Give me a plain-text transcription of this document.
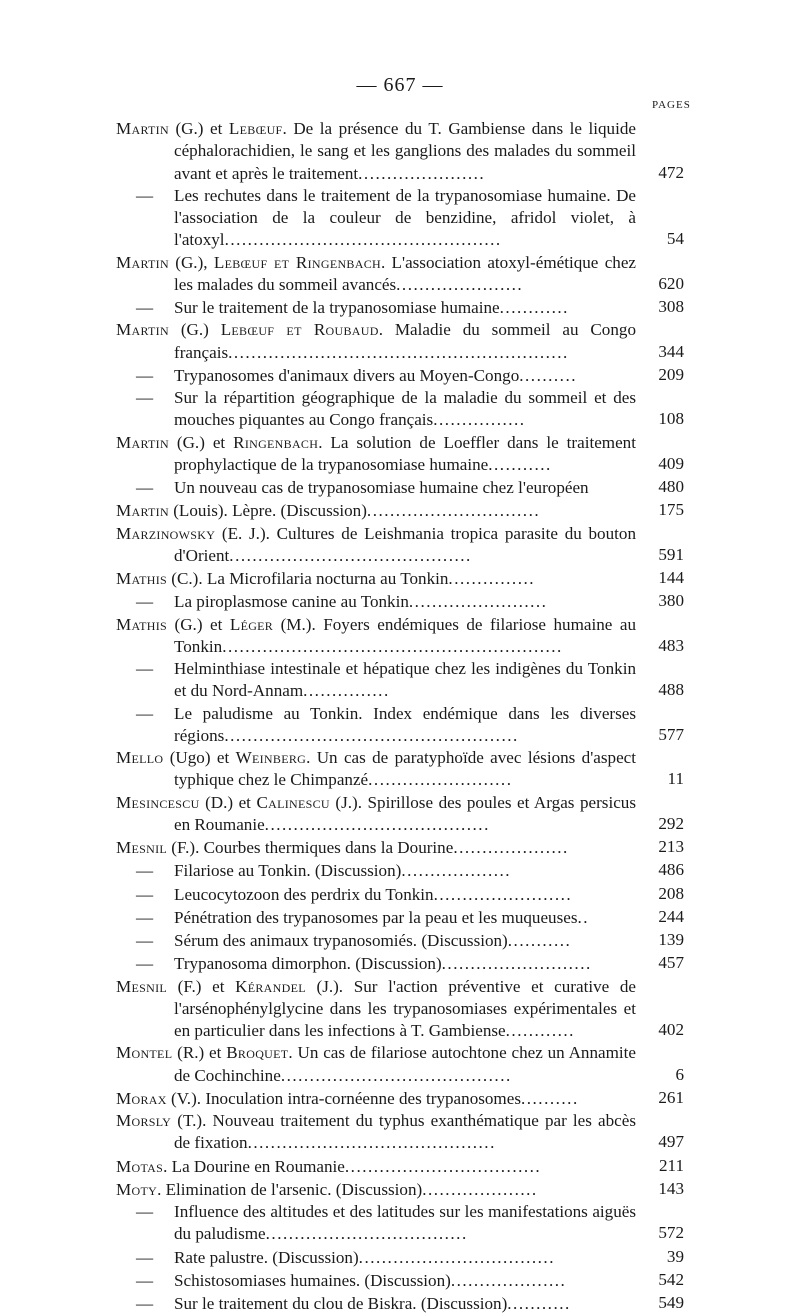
— 667 —
PAGES
Martin (G.) et Lebœuf. De la présence du T. Gambiense dans le liquide céphalorachidien, le sang et les ganglions des malades du sommeil avant et après le traitement......................	472
— Les rechutes dans le traitement de la trypanosomiase humaine. De l'association de la couleur de benzidine, afridol violet, à l'atoxyl................................................	54
Martin (G.), Lebœuf et Ringenbach. L'association atoxyl-émétique chez les malades du sommeil avancés......................	620
— Sur le traitement de la trypanosomiase humaine............	308
Martin (G.) Lebœuf et Roubaud. Maladie du sommeil au Congo français...........................................................	344
— Trypanosomes d'animaux divers au Moyen-Congo..........	209
— Sur la répartition géographique de la maladie du sommeil et des mouches piquantes au Congo français................	108
Martin (G.) et Ringenbach. La solution de Loeffler dans le traitement prophylactique de la trypanosomiase humaine...........	409
— Un nouveau cas de trypanosomiase humaine chez l'européen	480
Martin (Louis). Lèpre. (Discussion)..............................	175
Marzinowsky (E. J.). Cultures de Leishmania tropica parasite du bouton d'Orient..........................................	591
Mathis (C.). La Microfilaria nocturna au Tonkin...............	144
— La piroplasmose canine au Tonkin........................	380
Mathis (G.) et Léger (M.). Foyers endémiques de filariose humaine au Tonkin...........................................................	483
— Helminthiase intestinale et hépatique chez les indigènes du Tonkin et du Nord-Annam...............	488
— Le paludisme au Tonkin. Index endémique dans les diverses régions...................................................	577
Mello (Ugo) et Weinberg. Un cas de paratyphoïde avec lésions d'aspect typhique chez le Chimpanzé.........................	11
Mesincescu (D.) et Calinescu (J.). Spirillose des poules et Argas persicus en Roumanie.......................................	292
Mesnil (F.). Courbes thermiques dans la Dourine....................	213
— Filariose au Tonkin. (Discussion)...................	486
— Leucocytozoon des perdrix du Tonkin........................	208
— Pénétration des trypanosomes par la peau et les muqueuses..	244
— Sérum des animaux trypanosomiés. (Discussion)...........	139
— Trypanosoma dimorphon. (Discussion)..........................	457
Mesnil (F.) et Kérandel (J.). Sur l'action préventive et curative de l'arsénophénylglycine dans les trypanosomiases expérimentales et en particulier dans les infections à T. Gambiense............	402
Montel (R.) et Broquet. Un cas de filariose autochtone chez un Annamite de Cochinchine........................................	6
Morax (V.). Inoculation intra-cornéenne des trypanosomes..........	261
Morsly (T.). Nouveau traitement du typhus exanthématique par les abcès de fixation...........................................	497
Motas. La Dourine en Roumanie..................................	211
Moty. Elimination de l'arsenic. (Discussion)....................	143
— Influence des altitudes et des latitudes sur les manifestations aiguës du paludisme...................................	572
— Rate palustre. (Discussion)..................................	39
— Schistosomiases humaines. (Discussion)....................	542
— Sur le traitement du clou de Biskra. (Discussion)...........	549
